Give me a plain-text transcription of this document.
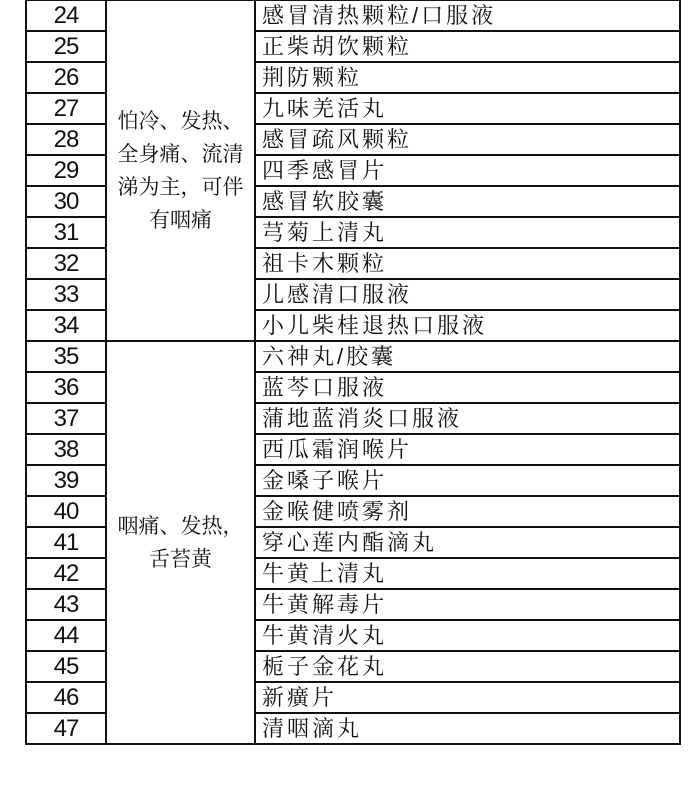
24	怕冷、发热、全身痛、流清涕为主，可伴有咽痛	感冒清热颗粒/口服液
25		正柴胡饮颗粒
26		荆防颗粒
27		九味羌活丸
28		感冒疏风颗粒
29		四季感冒片
30		感冒软胶囊
31		芎菊上清丸
32		祖卡木颗粒
33		儿感清口服液
34		小儿柴桂退热口服液
35	咽痛、发热，舌苔黄	六神丸/胶囊
36		蓝芩口服液
37		蒲地蓝消炎口服液
38		西瓜霜润喉片
39		金嗓子喉片
40		金喉健喷雾剂
41		穿心莲内酯滴丸
42		牛黄上清丸
43		牛黄解毒片
44		牛黄清火丸
45		栀子金花丸
46		新癀片
47		清咽滴丸
